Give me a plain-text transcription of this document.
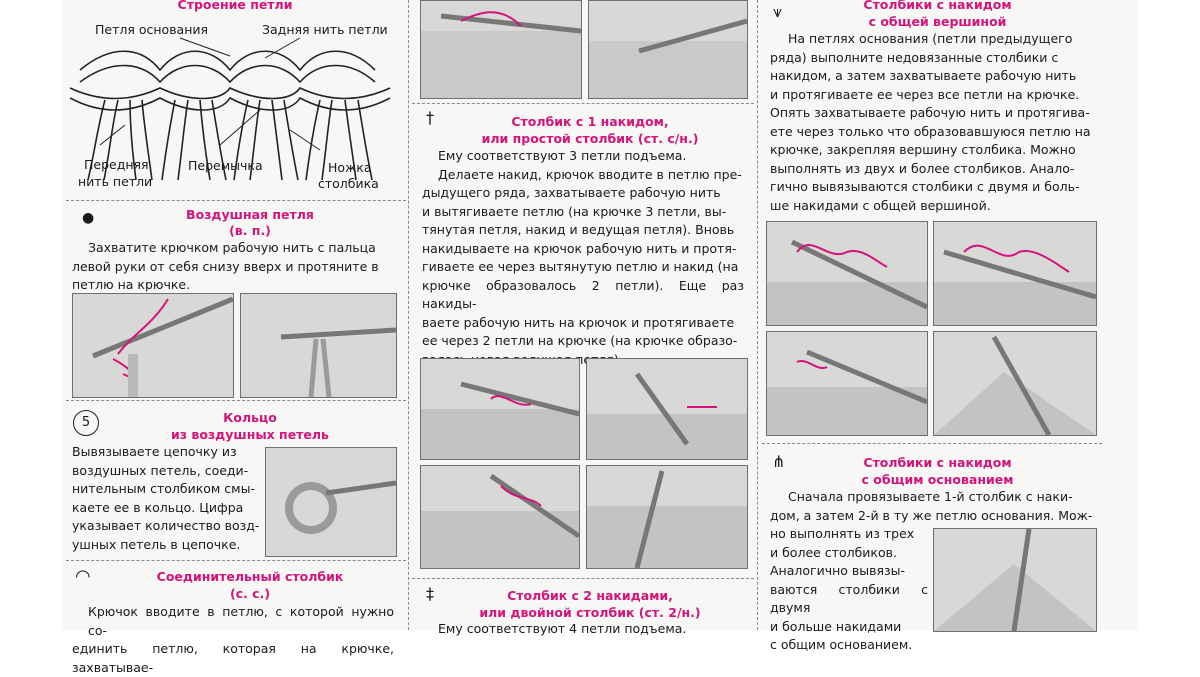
Строение петли
Петля основания	Задняя нить петли
Передняя
нить петли
Перемычка	Ножка
столбика
●	Воздушная петля
(в. п.)
Захватите крючком рабочую нить с пальца
левой руки от себя снизу вверх и протяните в
петлю на крючке.
5	Кольцо
из воздушных петель
Вывязываете цепочку из
воздушных петель, соеди-
нительным столбиком смы-
каете ее в кольцо. Цифра
указывает количество возд-
ушных петель в цепочке.
◠	Соединительный столбик
(с. с.)
Крючок вводите в петлю, с которой нужно со-
единить петлю, которая на крючке, захватывае-
†	Столбик с 1 накидом,
или простой столбик (ст. с/н.)
Ему соответствуют 3 петли подъема.
Делаете накид, крючок вводите в петлю пре-
дыдущего ряда, захватываете рабочую нить
и вытягиваете петлю (на крючке 3 петли, вы-
тянутая петля, накид и ведущая петля). Вновь
накидываете на крючок рабочую нить и протя-
гиваете ее через вытянутую петлю и накид (на
крючке образовалось 2 петли). Еще раз накиды-
ваете рабочую нить на крючок и протягиваете
ее через 2 петли на крючке (на крючке образо-
‡	Столбик с 2 накидами,
или двойной столбик (ст. 2/н.)
Ему соответствуют 4 петли подъема.
⩛	Столбики с накидом
с общей вершиной
На петлях основания (петли предыдущего
ряда) выполните недовязанные столбики с
накидом, а затем захватываете рабочую нить
и протягиваете ее через все петли на крючке.
Опять захватываете рабочую нить и протягива-
ете через только что образовавшуюся петлю на
крючке, закрепляя вершину столбика. Можно
выполнять из двух и более столбиков. Анало-
гично вывязываются столбики с двумя и боль-
ше накидами с общей вершиной.
⋔	Столбики с накидом
с общим основанием
Сначала провязываете 1-й столбик с наки-
дом, а затем 2-й в ту же петлю основания. Мож-
но выполнять из трех
и более столбиков.
Аналогично вывязы-
ваются столбики с двумя
и больше накидами
с общим основанием.
